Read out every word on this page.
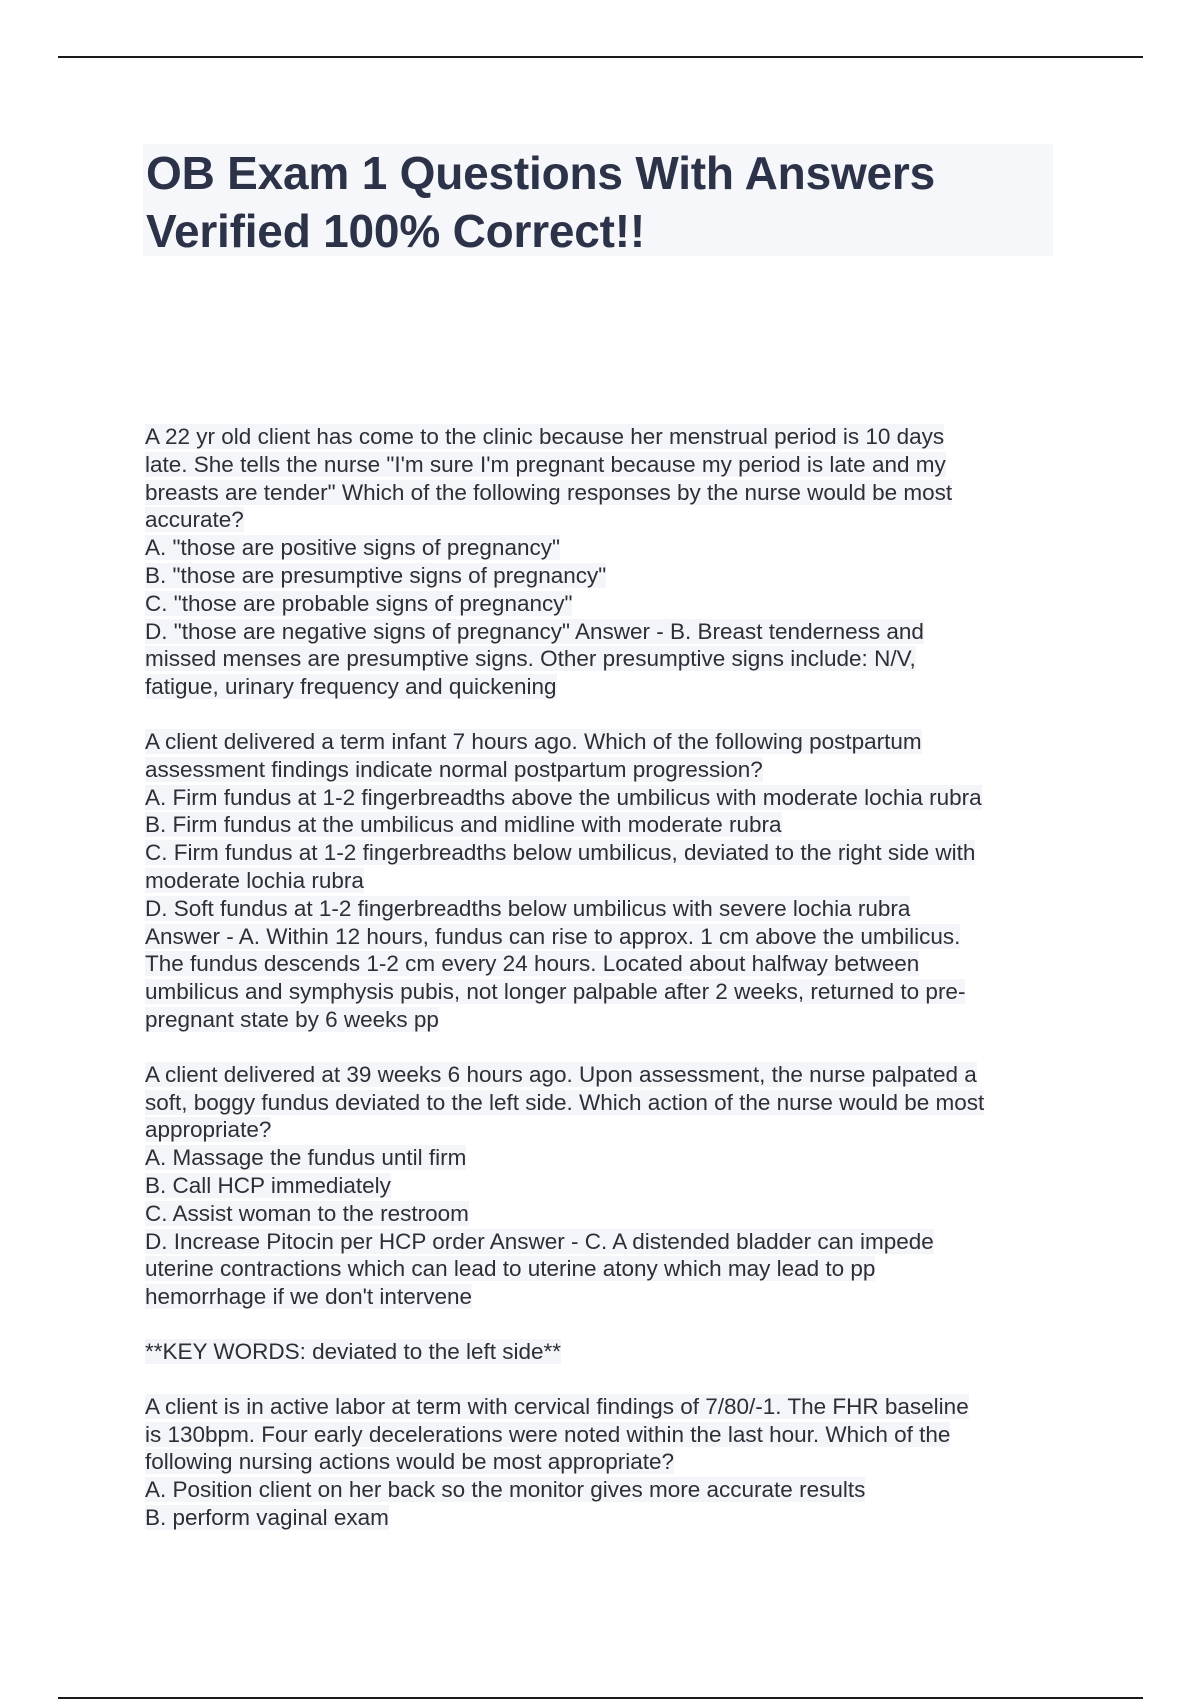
OB Exam 1 Questions With Answers
Verified 100% Correct!!
A 22 yr old client has come to the clinic because her menstrual period is 10 days
late. She tells the nurse "I'm sure I'm pregnant because my period is late and my
breasts are tender" Which of the following responses by the nurse would be most
accurate?
A. "those are positive signs of pregnancy"
B. "those are presumptive signs of pregnancy"
C. "those are probable signs of pregnancy"
D. "those are negative signs of pregnancy" Answer - B. Breast tenderness and
missed menses are presumptive signs. Other presumptive signs include: N/V,
fatigue, urinary frequency and quickening
A client delivered a term infant 7 hours ago. Which of the following postpartum
assessment findings indicate normal postpartum progression?
A. Firm fundus at 1-2 fingerbreadths above the umbilicus with moderate lochia rubra
B. Firm fundus at the umbilicus and midline with moderate rubra
C. Firm fundus at 1-2 fingerbreadths below umbilicus, deviated to the right side with
moderate lochia rubra
D. Soft fundus at 1-2 fingerbreadths below umbilicus with severe lochia rubra
Answer - A. Within 12 hours, fundus can rise to approx. 1 cm above the umbilicus.
The fundus descends 1-2 cm every 24 hours. Located about halfway between
umbilicus and symphysis pubis, not longer palpable after 2 weeks, returned to pre-
pregnant state by 6 weeks pp
A client delivered at 39 weeks 6 hours ago. Upon assessment, the nurse palpated a
soft, boggy fundus deviated to the left side. Which action of the nurse would be most
appropriate?
A. Massage the fundus until firm
B. Call HCP immediately
C. Assist woman to the restroom
D. Increase Pitocin per HCP order Answer - C. A distended bladder can impede
uterine contractions which can lead to uterine atony which may lead to pp
hemorrhage if we don't intervene
**KEY WORDS: deviated to the left side**
A client is in active labor at term with cervical findings of 7/80/-1. The FHR baseline
is 130bpm. Four early decelerations were noted within the last hour. Which of the
following nursing actions would be most appropriate?
A. Position client on her back so the monitor gives more accurate results
B. perform vaginal exam
